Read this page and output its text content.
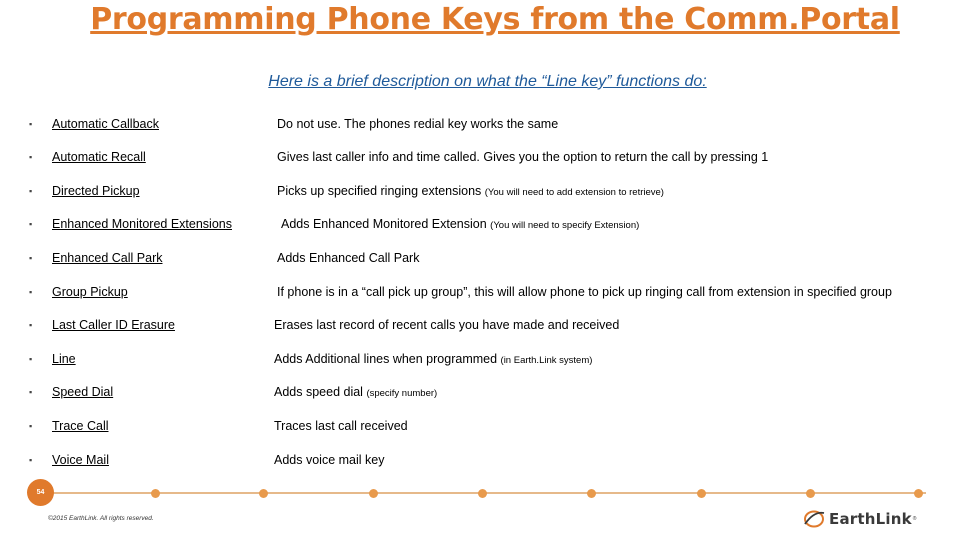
Programming Phone Keys from the Comm.Portal
Here is a brief description on what the “Line key” functions do:
▪ Automatic Callback	Do not use. The phones redial key works the same
▪ Automatic Recall	Gives last caller info and time called. Gives you the option to return the call by pressing 1
▪ Directed Pickup	Picks up specified ringing extensions (You will need to add extension to retrieve)
▪ Enhanced Monitored Extensions	Adds Enhanced Monitored Extension (You will need to specify Extension)
▪ Enhanced Call Park	Adds Enhanced Call Park
▪ Group Pickup	If phone is in a “call pick up group”, this will allow phone to pick up ringing call from extension in specified group
▪ Last Caller ID Erasure	Erases last record of recent calls you have made and received
▪ Line	Adds Additional lines when programmed (in Earth.Link system)
▪ Speed Dial	Adds speed dial (specify number)
▪ Trace Call	Traces last call received
▪ Voice Mail	Adds voice mail key
54
©2015 EarthLink. All rights reserved.	EarthLink ®
